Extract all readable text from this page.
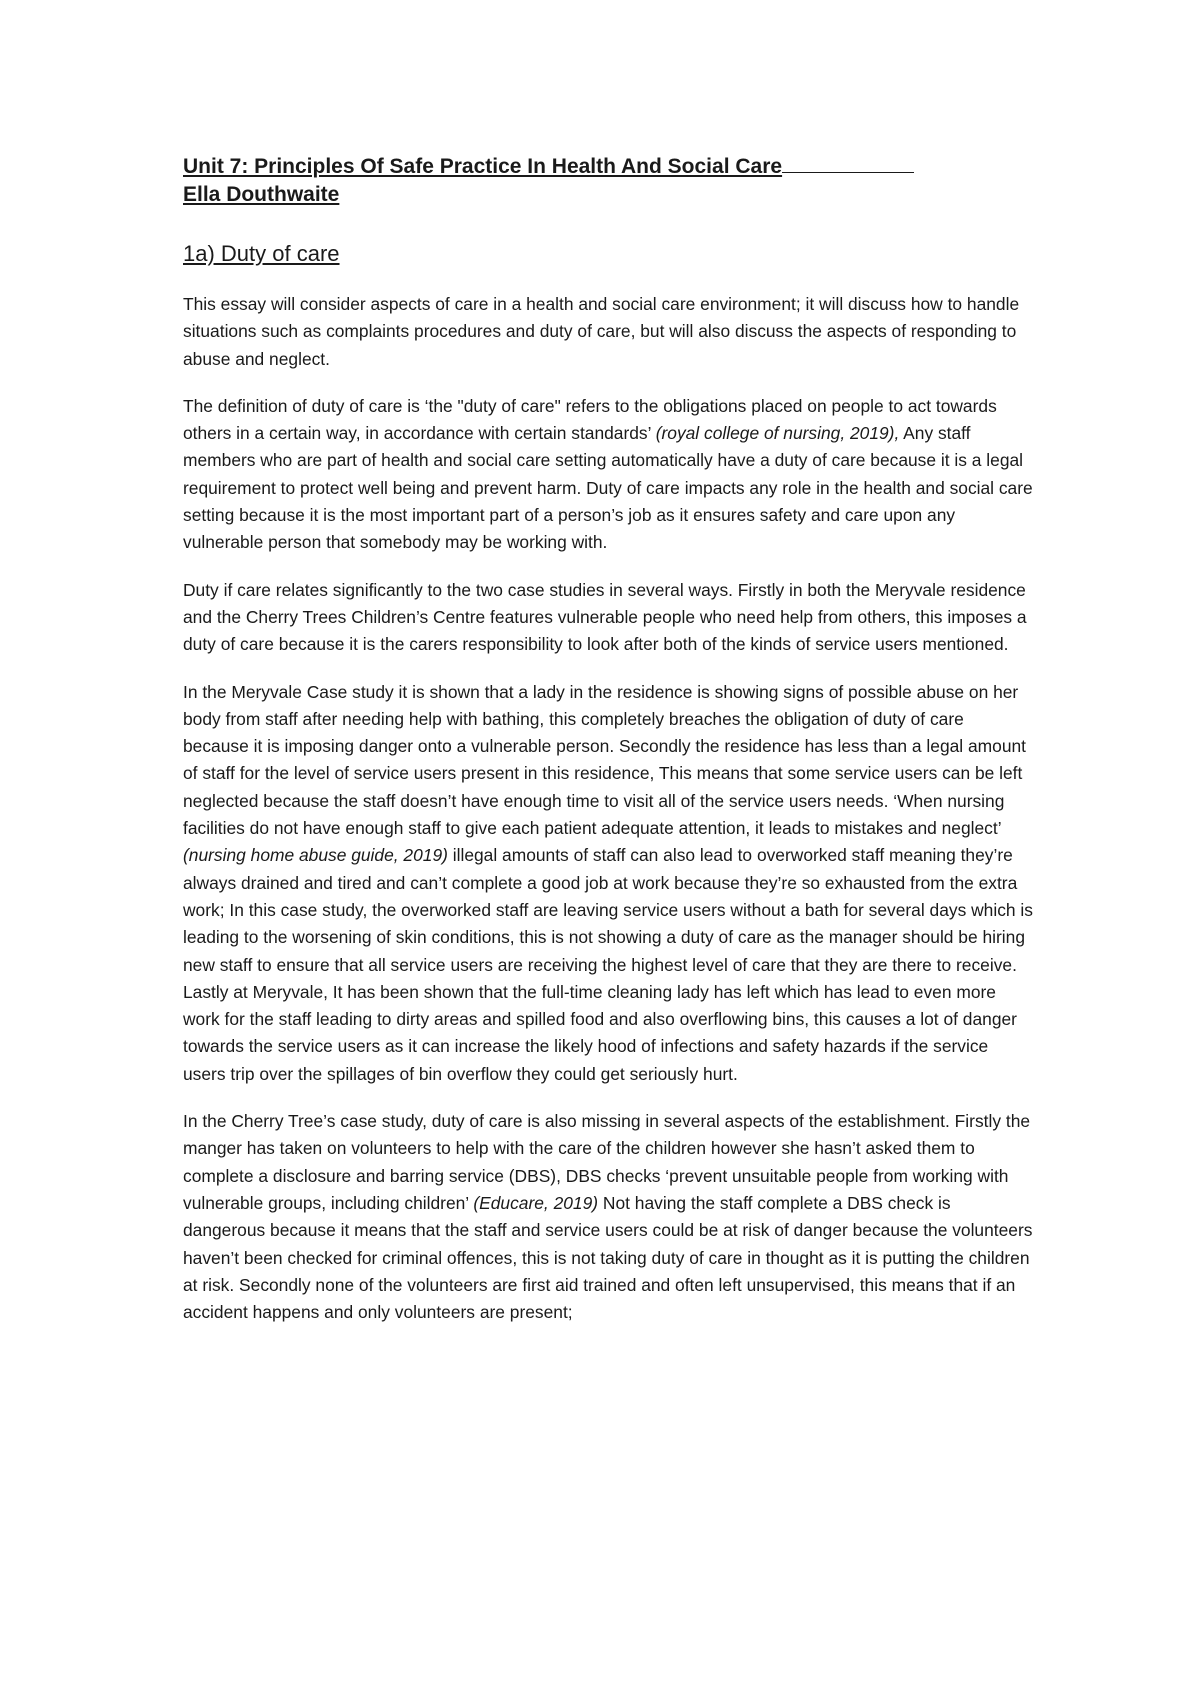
Unit 7: Principles Of Safe Practice In Health And Social Care
Ella Douthwaite
1a) Duty of care

This essay will consider aspects of care in a health and social care environment; it will discuss how to handle situations such as complaints procedures and duty of care, but will also discuss the aspects of responding to abuse and neglect.

The definition of duty of care is ‘the "duty of care" refers to the obligations placed on people to act towards others in a certain way, in accordance with certain standards’ (royal college of nursing, 2019), Any staff members who are part of health and social care setting automatically have a duty of care because it is a legal requirement to protect well being and prevent harm. Duty of care impacts any role in the health and social care setting because it is the most important part of a person’s job as it ensures safety and care upon any vulnerable person that somebody may be working with.

Duty if care relates significantly to the two case studies in several ways. Firstly in both the Meryvale residence and the Cherry Trees Children’s Centre features vulnerable people who need help from others, this imposes a duty of care because it is the carers responsibility to look after both of the kinds of service users mentioned.

In the Meryvale Case study it is shown that a lady in the residence is showing signs of possible abuse on her body from staff after needing help with bathing, this completely breaches the obligation of duty of care because it is imposing danger onto a vulnerable person. Secondly the residence has less than a legal amount of staff for the level of service users present in this residence, This means that some service users can be left neglected because the staff doesn’t have enough time to visit all of the service users needs. ‘When nursing facilities do not have enough staff to give each patient adequate attention, it leads to mistakes and neglect’ (nursing home abuse guide, 2019) illegal amounts of staff can also lead to overworked staff meaning they’re always drained and tired and can’t complete a good job at work because they’re so exhausted from the extra work; In this case study, the overworked staff are leaving service users without a bath for several days which is leading to the worsening of skin conditions, this is not showing a duty of care as the manager should be hiring new staff to ensure that all service users are receiving the highest level of care that they are there to receive. Lastly at Meryvale, It has been shown that the full-time cleaning lady has left which has lead to even more work for the staff leading to dirty areas and spilled food and also overflowing bins, this causes a lot of danger towards the service users as it can increase the likely hood of infections and safety hazards if the service users trip over the spillages of bin overflow they could get seriously hurt.

In the Cherry Tree’s case study, duty of care is also missing in several aspects of the establishment. Firstly the manger has taken on volunteers to help with the care of the children however she hasn’t asked them to complete a disclosure and barring service (DBS), DBS checks ‘prevent unsuitable people from working with vulnerable groups, including children’ (Educare, 2019) Not having the staff complete a DBS check is dangerous because it means that the staff and service users could be at risk of danger because the volunteers haven’t been checked for criminal offences, this is not taking duty of care in thought as it is putting the children at risk. Secondly none of the volunteers are first aid trained and often left unsupervised, this means that if an accident happens and only volunteers are present;
